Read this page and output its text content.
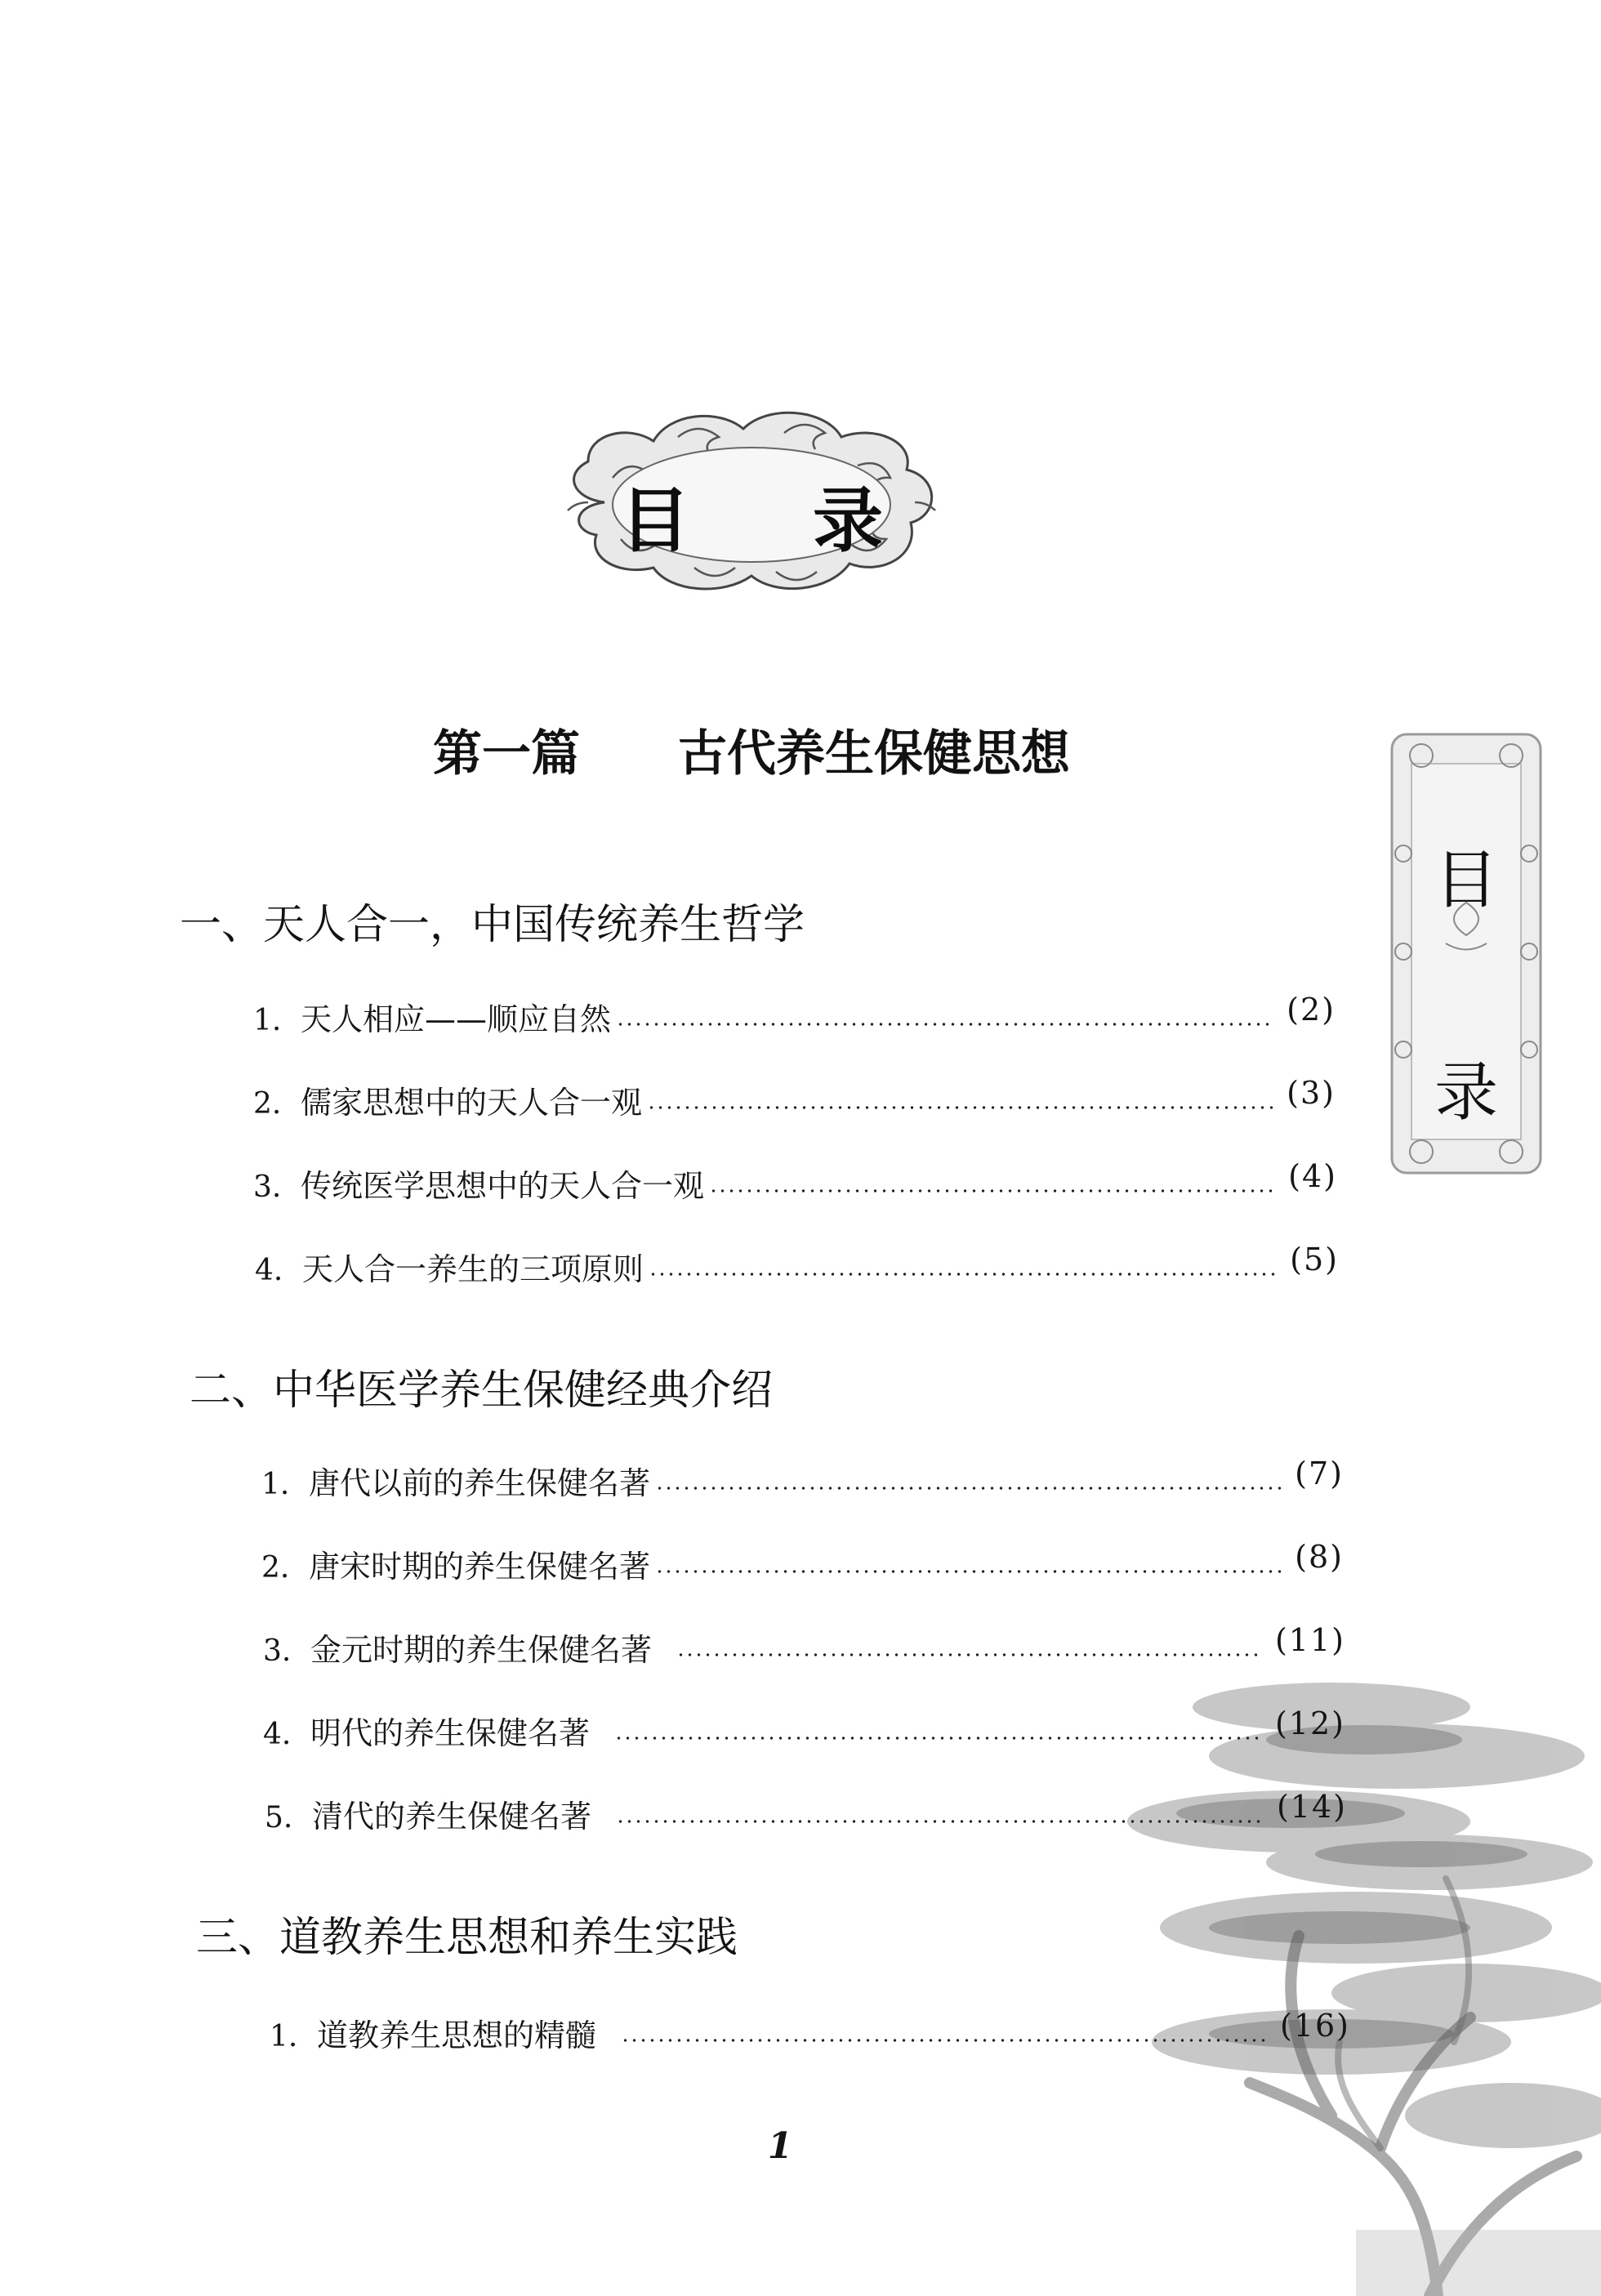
目 录
目
录
第一篇　　古代养生保健思想
一、天人合一，中国传统养生哲学
1. 天人相应——顺应自然	(2)
2. 儒家思想中的天人合一观	(3)
3. 传统医学思想中的天人合一观	(4)
4. 天人合一养生的三项原则	(5)
二、中华医学养生保健经典介绍
1. 唐代以前的养生保健名著	(7)
2. 唐宋时期的养生保健名著	(8)
3. 金元时期的养生保健名著	(11)
4. 明代的养生保健名著	(12)
5. 清代的养生保健名著	(14)
三、道教养生思想和养生实践
1. 道教养生思想的精髓	(16)
1
